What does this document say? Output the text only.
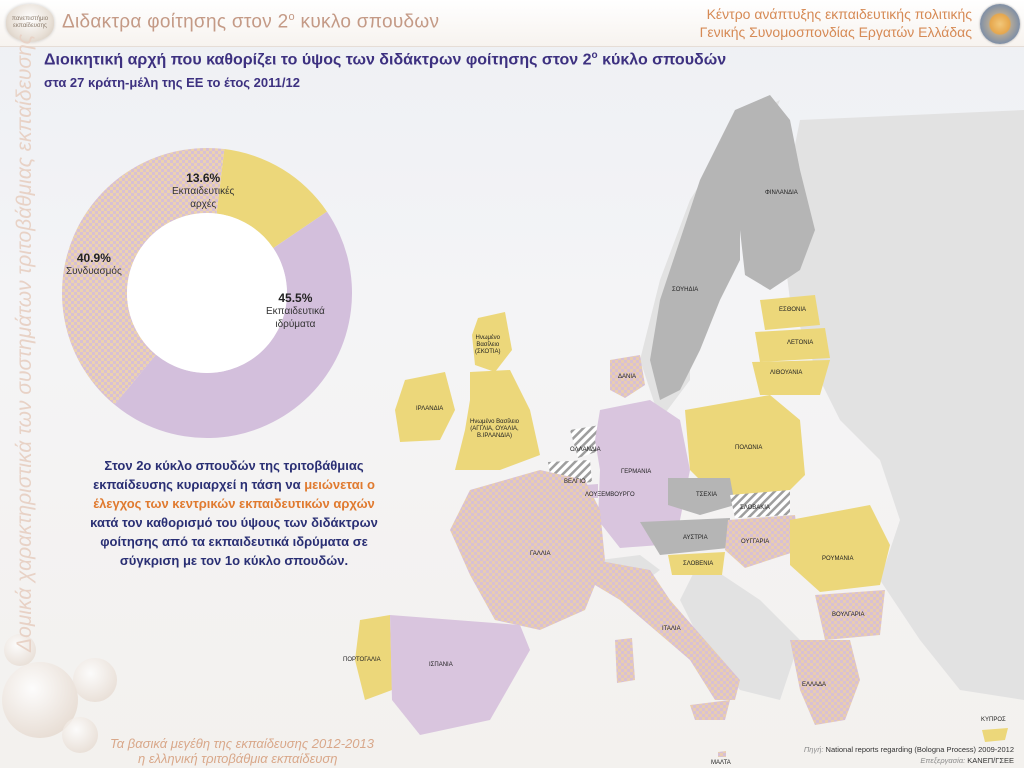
πανεπιστήμιο εκπαίδευσης Διδακτρα φοίτησης στον $2^o$ κυκλο σπουδων	Κέντρο ανάπτυξης εκπαιδευτικής πολιτικής
Γενικής Συνομοσπονδίας Εργατών Ελλάδας
Δομικά χαρακτηριστικά των συστημάτων τριτοβάθμιας εκπαίδευσης Διοικητική αρχή που καθορίζει το ύψος των διδάκτρων φοίτησης στον $2^o$ κύκλο σπουδών
στα 27 κράτη-μέλη της ΕΕ το έτος 2011/12
13.6%
Εκπαιδευτικές
αρχές
45.5%
Εκπαιδευτικά
ιδρύματα
40.9%
Συνδυασμός
Στον 2ο κύκλο σπουδών της τριτοβάθμιας εκπαίδευσης κυριαρχεί η τάση να μειώνεται ο έλεγχος των κεντρικών εκπαιδευτικών αρχών κατά τον καθορισμό του ύψους των διδάκτρων φοίτησης από τα εκπαιδευτικά ιδρύματα σε σύγκριση με τον 1ο κύκλο σπουδών.
ΦΙΝΛΑΝΔΙΑ
ΣΟΥΗΔΙΑ
ΕΣΘΟΝΙΑ
ΛΕΤΟΝΙΑ
ΛΙΘΟΥΑΝΙΑ
Ηνωμένο
Βασίλειο
(ΣΚΟΤΙΑ)
Ηνωμένο Βασίλειο
(ΑΓΓΛΙΑ, ΟΥΑΛΙΑ,
Β.ΙΡΛΑΝΔΙΑ)
ΙΡΛΑΝΔΙΑ
ΔΑΝΙΑ
ΟΛΛΑΝΔΙΑ
ΒΕΛΓΙΟ
ΛΟΥΞΕΜΒΟΥΡΓΟ
ΓΕΡΜΑΝΙΑ
ΠΟΛΩΝΙΑ
ΤΣΕΧΙΑ
ΣΛΟΒΑΚΙΑ
ΑΥΣΤΡΙΑ
ΟΥΓΓΑΡΙΑ
ΣΛΟΒΕΝΙΑ
ΓΑΛΛΙΑ
ΡΟΥΜΑΝΙΑ
ΙΤΑΛΙΑ
ΒΟΥΛΓΑΡΙΑ
ΠΟΡΤΟΓΑΛΙΑ
ΙΣΠΑΝΙΑ
ΕΛΛΑΔΑ
ΚΥΠΡΟΣ
ΜΑΛΤΑ
Τα βασικά μεγέθη της εκπαίδευσης 2012-2013
η ελληνική τριτοβάθμια εκπαίδευση
Πηγή: National reports regarding (Bologna Process) 2009-2012
Επεξεργασία: ΚΑΝΕΠ/ΓΣΕΕ
